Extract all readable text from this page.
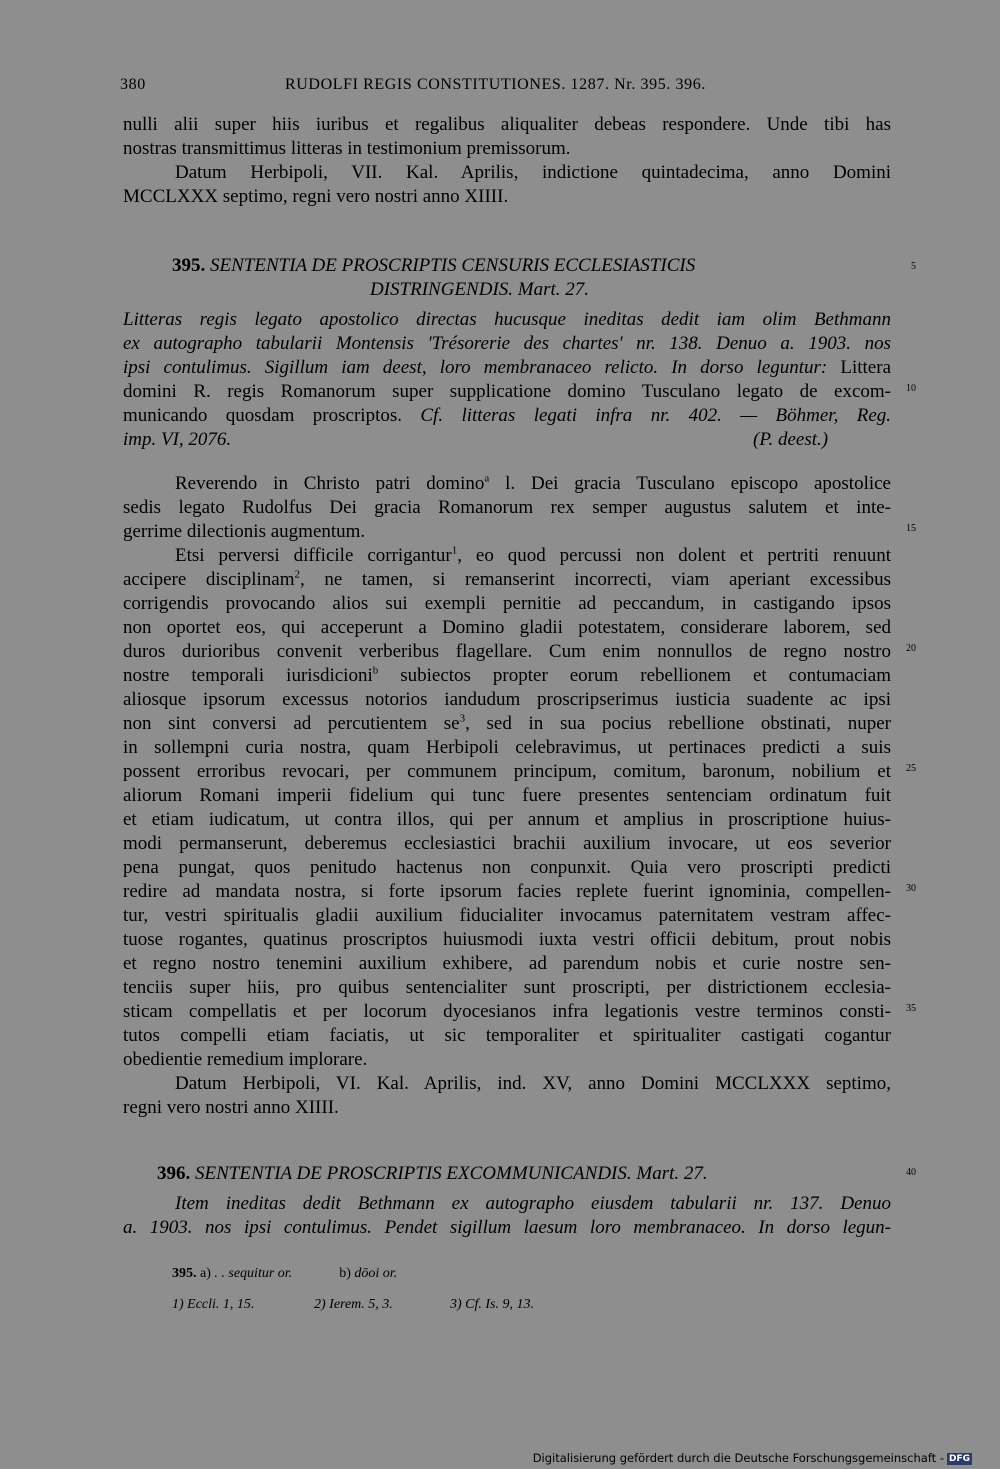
380	RUDOLFI REGIS CONSTITUTIONES. 1287. Nr. 395. 396.
nulli alii super hiis iuribus et regalibus aliqualiter debeas respondere. Unde tibi has
nostras transmittimus litteras in testimonium premissorum.
Datum Herbipoli, VII. Kal. Aprilis, indictione quintadecima, anno Domini
MCCLXXX septimo, regni vero nostri anno XIIII.
395. SENTENTIA DE PROSCRIPTIS CENSURIS ECCLESIASTICIS
DISTRINGENDIS. Mart. 27.
Litteras regis legato apostolico directas hucusque ineditas dedit iam olim Bethmann
ex autographo tabularii Montensis 'Trésorerie des chartes' nr. 138. Denuo a. 1903. nos
ipsi contulimus. Sigillum iam deest, loro membranaceo relicto. In dorso leguntur: Littera
domini R. regis Romanorum super supplicatione domino Tusculano legato de excom-
municando quosdam proscriptos. Cf. litteras legati infra nr. 402. — Böhmer, Reg.
imp. VI, 2076.	(P. deest.)
Reverendo in Christo patri domino$^a$ l. Dei gracia Tusculano episcopo apostolice
sedis legato Rudolfus Dei gracia Romanorum rex semper augustus salutem et inte-
gerrime dilectionis augmentum.
Etsi perversi difficile corrigantur$^1$, eo quod percussi non dolent et pertriti renuunt
accipere disciplinam$^2$, ne tamen, si remanserint incorrecti, viam aperiant excessibus
corrigendis provocando alios sui exempli pernitie ad peccandum, in castigando ipsos
non oportet eos, qui acceperunt a Domino gladii potestatem, considerare laborem, sed
duros durioribus convenit verberibus flagellare. Cum enim nonnullos de regno nostro
nostre temporali iurisdicioni$^b$ subiectos propter eorum rebellionem et contumaciam
aliosque ipsorum excessus notorios iandudum proscripserimus iusticia suadente ac ipsi
non sint conversi ad percutientem $se^3$, sed in sua pocius rebellione obstinati, nuper
in sollempni curia nostra, quam Herbipoli celebravimus, ut pertinaces predicti a suis
possent erroribus revocari, per communem principum, comitum, baronum, nobilium et
aliorum Romani imperii fidelium qui tunc fuere presentes sentenciam ordinatum fuit
et etiam iudicatum, ut contra illos, qui per annum et amplius in proscriptione huius-
modi permanserunt, deberemus ecclesiastici brachii auxilium invocare, ut eos severior
pena pungat, quos penitudo hactenus non conpunxit. Quia vero proscripti predicti
redire ad mandata nostra, si forte ipsorum facies replete fuerint ignominia, compellen-
tur, vestri spiritualis gladii auxilium fiducialiter invocamus paternitatem vestram affec-
tuose rogantes, quatinus proscriptos huiusmodi iuxta vestri officii debitum, prout nobis
et regno nostro tenemini auxilium exhibere, ad parendum nobis et curie nostre sen-
tenciis super hiis, pro quibus sentencialiter sunt proscripti, per districtionem ecclesia-
sticam compellatis et per locorum dyocesianos infra legationis vestre terminos consti-
tutos compelli etiam faciatis, ut sic temporaliter et spiritualiter castigati cogantur
obedientie remedium implorare.
Datum Herbipoli, VI. Kal. Aprilis, ind. XV, anno Domini MCCLXXX septimo,
regni vero nostri anno XIIII.
396. SENTENTIA DE PROSCRIPTIS EXCOMMUNICANDIS. Mart. 27.
Item ineditas dedit Bethmann ex autographo eiusdem tabularii nr. 137. Denuo
a. 1903. nos ipsi contulimus. Pendet sigillum laesum loro membranaceo. In dorso legun-
395. a) . . sequitur or.	b) dōoi or.
1) Eccli. 1, 15.	2) Ierem. 5, 3.	3) Cf. Is. 9, 13.
5
10
15
20
25
30
35
40
Digitalisierung gefördert durch die Deutsche Forschungsgemeinschaft - DFG
